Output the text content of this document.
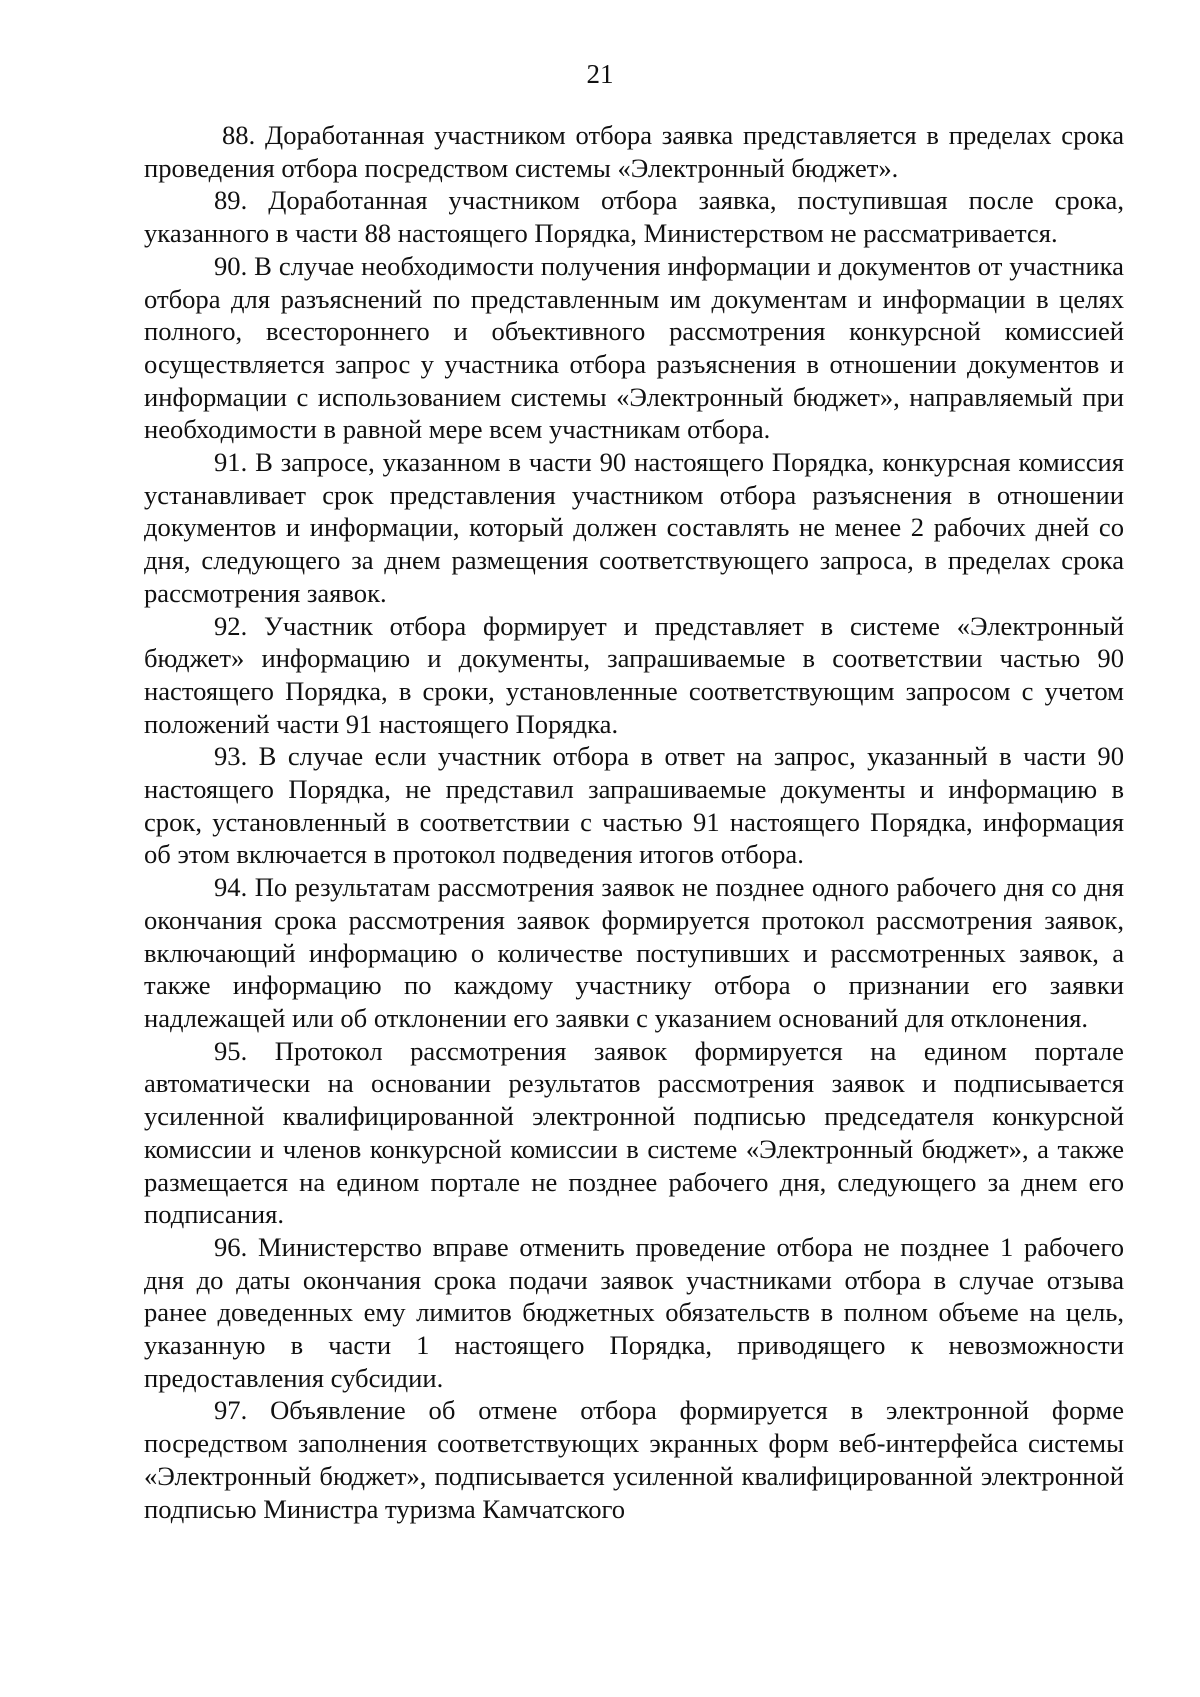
21

88. Доработанная участником отбора заявка представляется в пределах срока проведения отбора посредством системы «Электронный бюджет».

89. Доработанная участником отбора заявка, поступившая после срока, указанного в части 88 настоящего Порядка, Министерством не рассматривается.

90. В случае необходимости получения информации и документов от участника отбора для разъяснений по представленным им документам и информации в целях полного, всестороннего и объективного рассмотрения конкурсной комиссией осуществляется запрос у участника отбора разъяснения в отношении документов и информации с использованием системы «Электронный бюджет», направляемый при необходимости в равной мере всем участникам отбора.

91. В запросе, указанном в части 90 настоящего Порядка, конкурсная комиссия устанавливает срок представления участником отбора разъяснения в отношении документов и информации, который должен составлять не менее 2 рабочих дней со дня, следующего за днем размещения соответствующего запроса, в пределах срока рассмотрения заявок.

92. Участник отбора формирует и представляет в системе «Электронный бюджет» информацию и документы, запрашиваемые в соответствии частью 90 настоящего Порядка, в сроки, установленные соответствующим запросом с учетом положений части 91 настоящего Порядка.

93. В случае если участник отбора в ответ на запрос, указанный в части 90 настоящего Порядка, не представил запрашиваемые документы и информацию в срок, установленный в соответствии с частью 91 настоящего Порядка, информация об этом включается в протокол подведения итогов отбора.

94. По результатам рассмотрения заявок не позднее одного рабочего дня со дня окончания срока рассмотрения заявок формируется протокол рассмотрения заявок, включающий информацию о количестве поступивших и рассмотренных заявок, а также информацию по каждому участнику отбора о признании его заявки надлежащей или об отклонении его заявки с указанием оснований для отклонения.

95. Протокол рассмотрения заявок формируется на едином портале автоматически на основании результатов рассмотрения заявок и подписывается усиленной квалифицированной электронной подписью председателя конкурсной комиссии и членов конкурсной комиссии в системе «Электронный бюджет», а также размещается на едином портале не позднее рабочего дня, следующего за днем его подписания.

96. Министерство вправе отменить проведение отбора не позднее 1 рабочего дня до даты окончания срока подачи заявок участниками отбора в случае отзыва ранее доведенных ему лимитов бюджетных обязательств в полном объеме на цель, указанную в части 1 настоящего Порядка, приводящего к невозможности предоставления субсидии.

97. Объявление об отмене отбора формируется в электронной форме посредством заполнения соответствующих экранных форм веб-интерфейса системы «Электронный бюджет», подписывается усиленной квалифицированной электронной подписью Министра туризма Камчатского
